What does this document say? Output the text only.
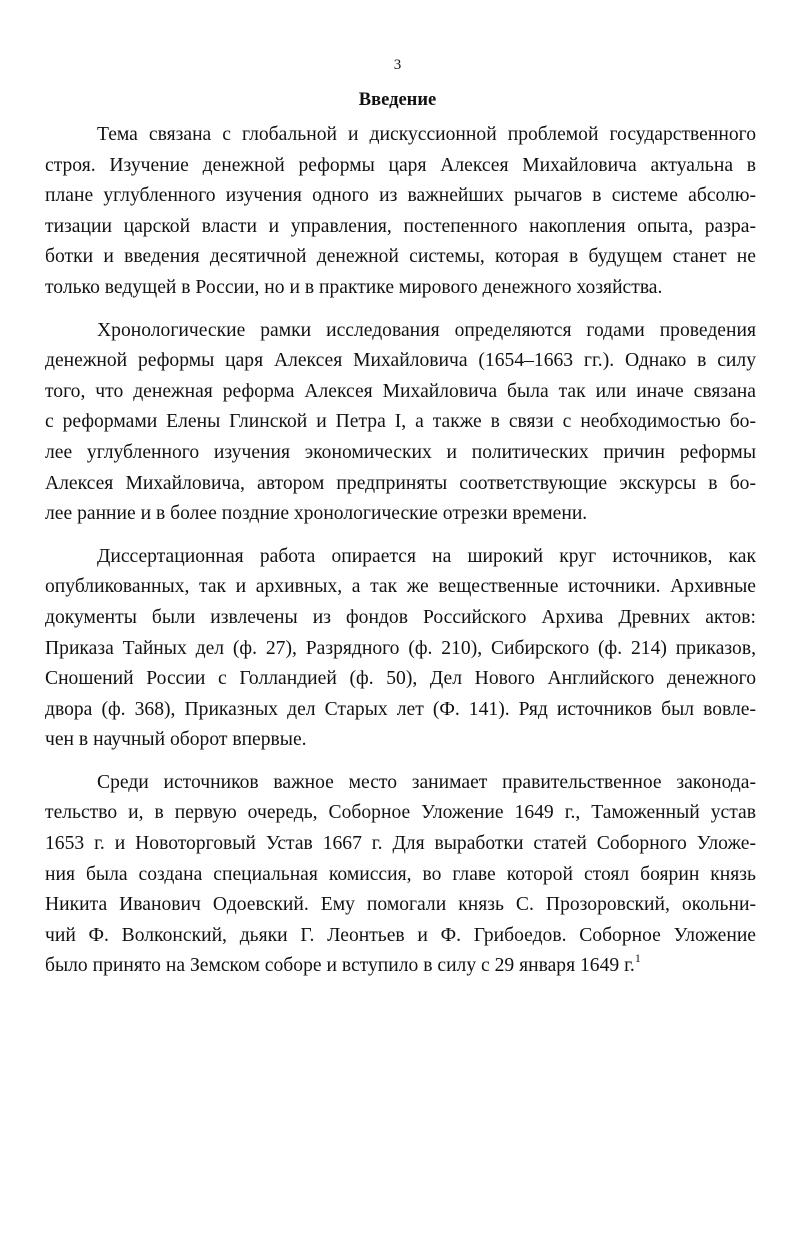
3
Введение

Тема связана с глобальной и дискуссионной проблемой государственного
строя. Изучение денежной реформы царя Алексея Михайловича актуальна в
плане углубленного изучения одного из важнейших рычагов в системе абсолю-
тизации царской власти и управления, постепенного накопления опыта, разра-
ботки и введения десятичной денежной системы, которая в будущем станет не
только ведущей в России, но и в практике мирового денежного хозяйства.

Хронологические рамки исследования определяются годами проведения
денежной реформы царя Алексея Михайловича (1654–1663 гг.). Однако в силу
того, что денежная реформа Алексея Михайловича была так или иначе связана
с реформами Елены Глинской и Петра I, а также в связи с необходимостью бо-
лее углубленного изучения экономических и политических причин реформы
Алексея Михайловича, автором предприняты соответствующие экскурсы в бо-
лее ранние и в более поздние хронологические отрезки времени.

Диссертационная работа опирается на широкий круг источников, как
опубликованных, так и архивных, а так же вещественные источники. Архивные
документы были извлечены из фондов Российского Архива Древних актов:
Приказа Тайных дел (ф. 27), Разрядного (ф. 210), Сибирского (ф. 214) приказов,
Сношений России с Голландией (ф. 50), Дел Нового Английского денежного
двора (ф. 368), Приказных дел Старых лет (Ф. 141). Ряд источников был вовле-
чен в научный оборот впервые.

Среди источников важное место занимает правительственное законода-
тельство и, в первую очередь, Соборное Уложение 1649 г., Таможенный устав
1653 г. и Новоторговый Устав 1667 г. Для выработки статей Соборного Уложе-
ния была создана специальная комиссия, во главе которой стоял боярин князь
Никита Иванович Одоевский. Ему помогали князь С. Прозоровский, окольни-
чий Ф. Волконский, дьяки Г. Леонтьев и Ф. Грибоедов. Соборное Уложение
было принято на Земском соборе и вступило в силу с 29 января 1649 г.$^1$
